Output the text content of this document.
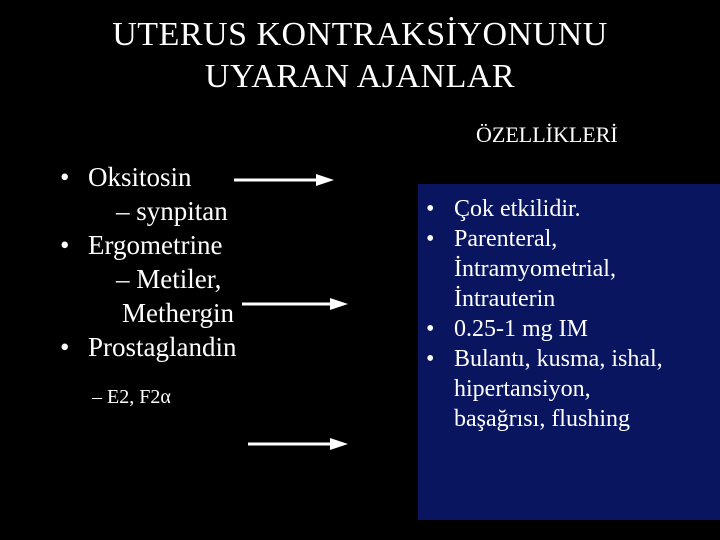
UTERUS KONTRAKSİYONUNU
UYARAN AJANLAR
ÖZELLİKLERİ
• Oksitosin
– synpitan
• Ergometrine
– Metiler,
Methergin
• Prostaglandin
– E2, F2α
• Çok etkilidir.
• Parenteral,
İntramyometrial,
İntrauterin
• 0.25-1 mg IM
• Bulantı, kusma, ishal,
hipertansiyon,
başağrısı, flushing
